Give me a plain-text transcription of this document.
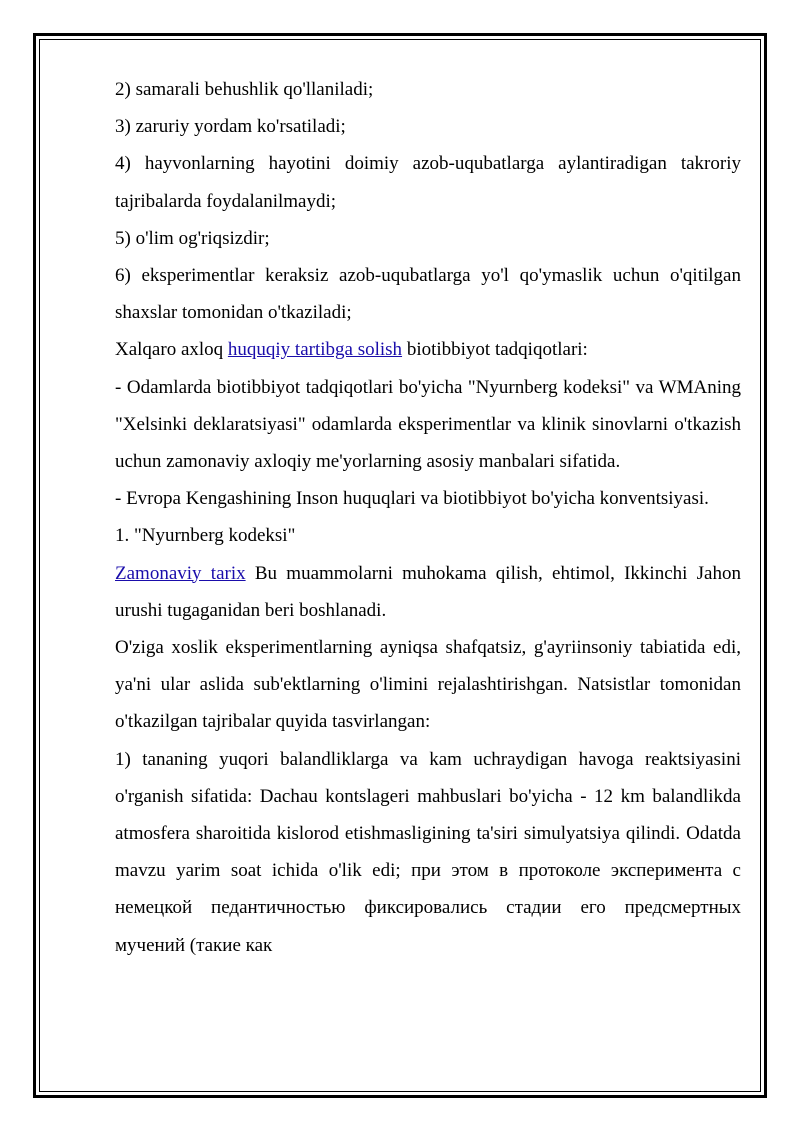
2) samarali behushlik qo'llaniladi;

3) zaruriy yordam ko'rsatiladi;

4) hayvonlarning hayotini doimiy azob-uqubatlarga aylantiradigan takroriy tajribalarda foydalanilmaydi;

5) o'lim og'riqsizdir;

6) eksperimentlar keraksiz azob-uqubatlarga yo'l qo'ymaslik uchun o'qitilgan shaxslar tomonidan o'tkaziladi;

Xalqaro axloq huquqiy tartibga solish biotibbiyot tadqiqotlari:

- Odamlarda biotibbiyot tadqiqotlari bo'yicha "Nyurnberg kodeksi" va WMAning "Xelsinki deklaratsiyasi" odamlarda eksperimentlar va klinik sinovlarni o'tkazish uchun zamonaviy axloqiy me'yorlarning asosiy manbalari sifatida.

- Evropa Kengashining Inson huquqlari va biotibbiyot bo'yicha konventsiyasi.

1. "Nyurnberg kodeksi"

Zamonaviy tarix Bu muammolarni muhokama qilish, ehtimol, Ikkinchi Jahon urushi tugaganidan beri boshlanadi.

O'ziga xoslik eksperimentlarning ayniqsa shafqatsiz, g'ayriinsoniy tabiatida edi, ya'ni ular aslida sub'ektlarning o'limini rejalashtirishgan. Natsistlar tomonidan o'tkazilgan tajribalar quyida tasvirlangan:

1) tananing yuqori balandliklarga va kam uchraydigan havoga reaktsiyasini o'rganish sifatida: Dachau kontslageri mahbuslari bo'yicha - 12 km balandlikda atmosfera sharoitida kislorod etishmasligining ta'siri simulyatsiya qilindi. Odatda mavzu yarim soat ichida o'lik edi; при этом в протоколе эксперимента с немецкой педантичностью фиксировались стадии его предсмертных мучений (такие как
